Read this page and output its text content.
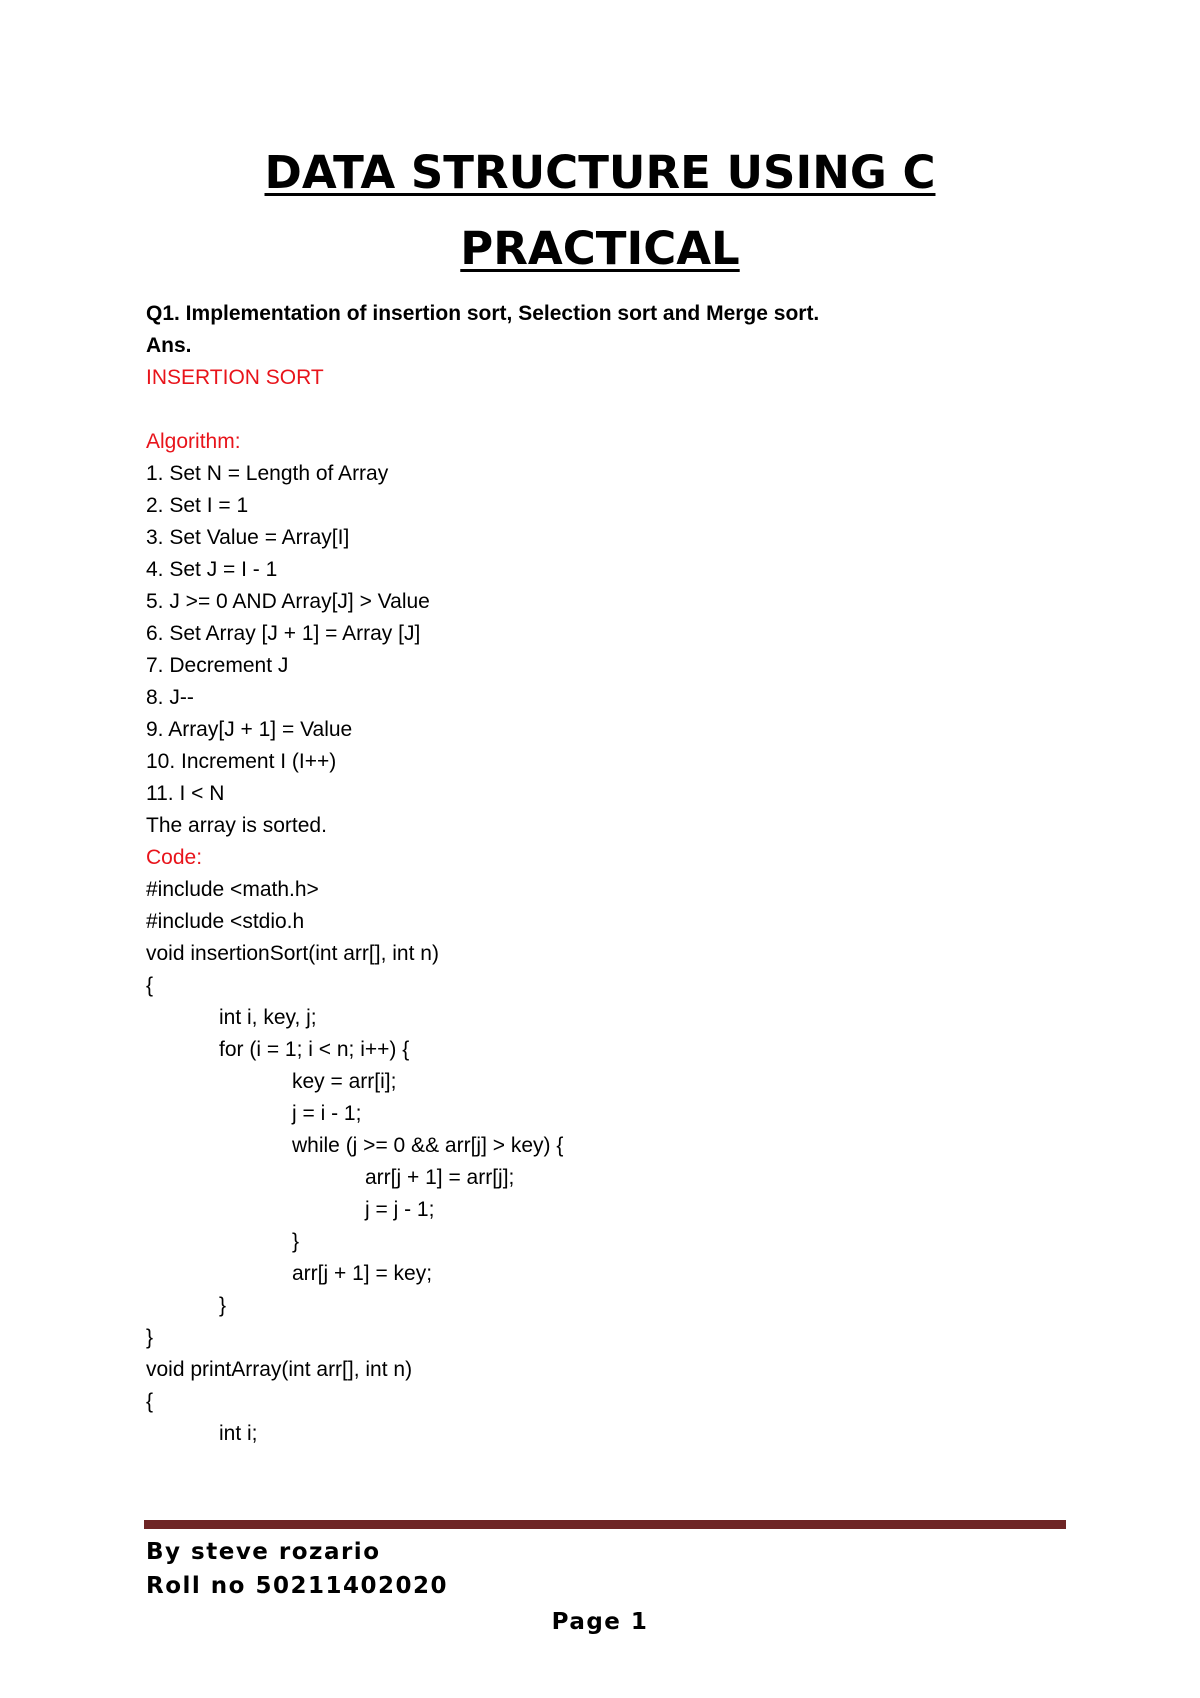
DATA STRUCTURE USING C
PRACTICAL
Q1. Implementation of insertion sort, Selection sort and Merge sort.
Ans.
INSERTION SORT
Algorithm:
1. Set N = Length of Array
2. Set I = 1
3. Set Value = Array[I]
4. Set J = I - 1
5. J >= 0 AND Array[J] > Value
6. Set Array [J + 1] = Array [J]
7. Decrement J
8. J--
9. Array[J + 1] = Value
10. Increment I (I++)
11. I < N
The array is sorted.
Code:
#include <math.h>
#include <stdio.h
void insertionSort(int arr[], int n)
{
int i, key, j;
for (i = 1; i < n; i++) {
key = arr[i];
j = i - 1;
while (j >= 0 && arr[j] > key) {
arr[j + 1] = arr[j];
j = j - 1;
}
arr[j + 1] = key;
}
}
void printArray(int arr[], int n)
{
int i;
By steve rozario
Roll no 50211402020
Page 1
